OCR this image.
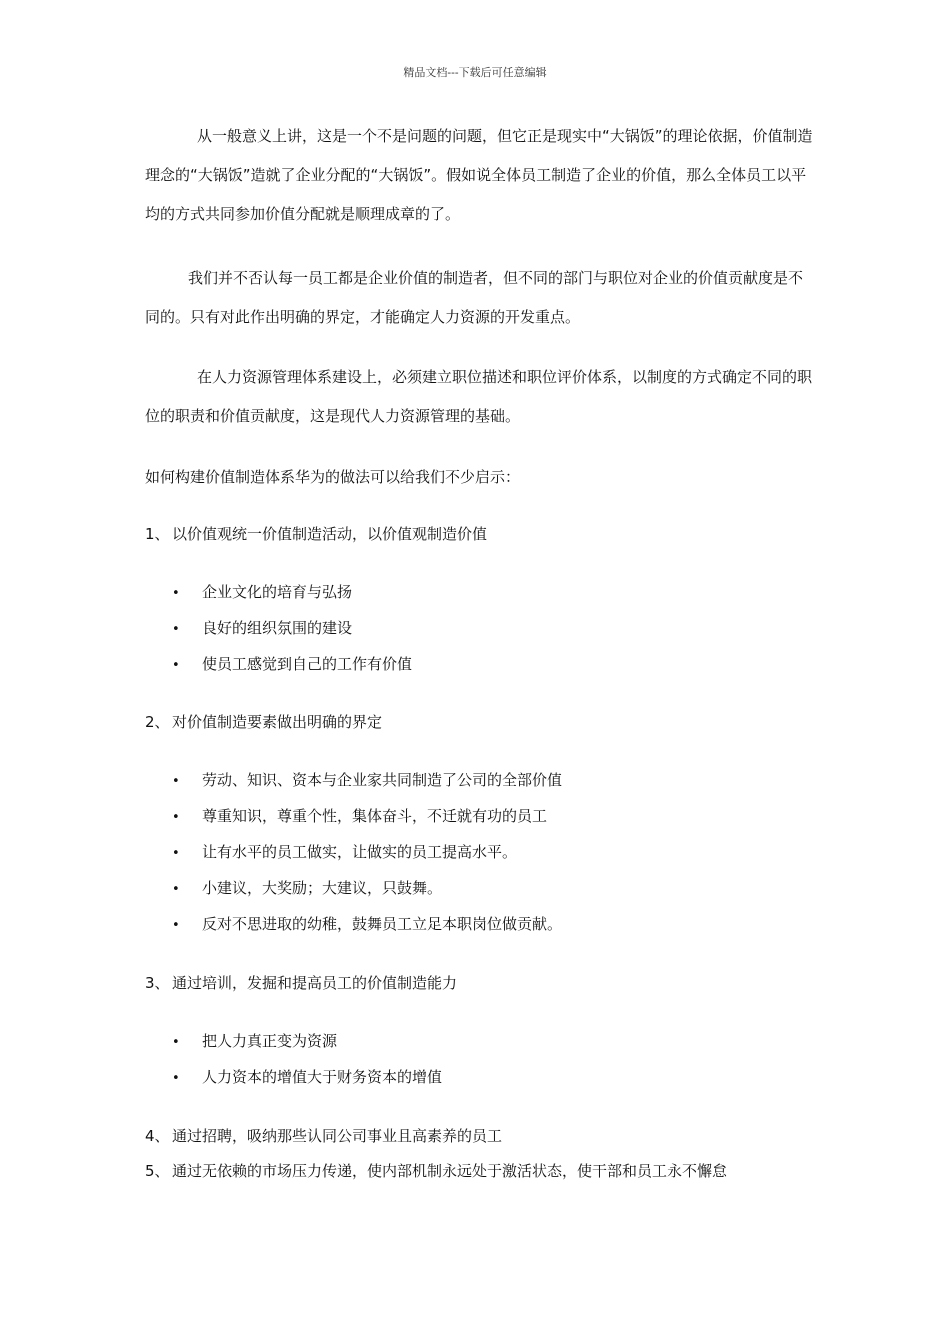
精品文档---下载后可任意编辑

从一般意义上讲，这是一个不是问题的问题，但它正是现实中“大锅饭”的理论依据，价值制造理念的“大锅饭”造就了企业分配的“大锅饭”。假如说全体员工制造了企业的价值，那么全体员工以平均的方式共同参加价值分配就是顺理成章的了。

我们并不否认每一员工都是企业价值的制造者，但不同的部门与职位对企业的价值贡献度是不同的。只有对此作出明确的界定，才能确定人力资源的开发重点。

在人力资源管理体系建设上，必须建立职位描述和职位评价体系，以制度的方式确定不同的职位的职责和价值贡献度，这是现代人力资源管理的基础。

如何构建价值制造体系华为的做法可以给我们不少启示：

1、 以价值观统一价值制造活动，以价值观制造价值

• 企业文化的培育与弘扬
• 良好的组织氛围的建设
• 使员工感觉到自己的工作有价值

2、 对价值制造要素做出明确的界定

• 劳动、知识、资本与企业家共同制造了公司的全部价值
• 尊重知识，尊重个性，集体奋斗，不迁就有功的员工
• 让有水平的员工做实，让做实的员工提高水平。
• 小建议，大奖励；大建议，只鼓舞。
• 反对不思进取的幼稚，鼓舞员工立足本职岗位做贡献。

3、 通过培训，发掘和提高员工的价值制造能力

• 把人力真正变为资源
• 人力资本的增值大于财务资本的增值

4、 通过招聘，吸纳那些认同公司事业且高素养的员工

5、 通过无依赖的市场压力传递，使内部机制永远处于激活状态，使干部和员工永不懈怠
